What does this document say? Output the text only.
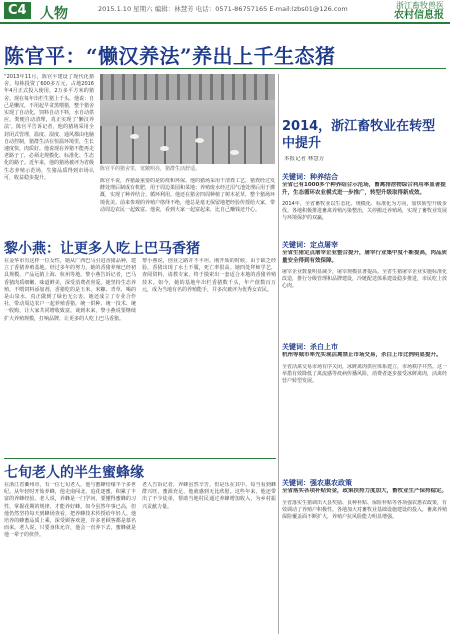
C4 人物	2015.1.10 星期六 编辑：林慧芳 电话：0571-86757165 E-mail:lzbs01@126.com	浙江畜牧兽医
农村信息报
陈官平：“懒汉养法”养出上千生态猪
“2013年11月，陈官平建设了现代化猪舍，每栋投资了600多万元，占地2016年4月正式投入使用，2万多平方米的猪舍。现在每年出栏生猪上千头。他说：自己是懒汉，不用起早贪黑喂猪，整个猪舍实现了自动化，饲料自动下料，水自动供应，粪便自动清理，真正实现了‘懒汉养法’。陈官平告诉记者，他的猪场采用全封闭式管理，温度、湿度、通风都由电脑自动控制，猪群生活在恒温环境里，生长速度快，肉质好。他说现在养猪不能再走老路子了，必须走规模化、标准化、生态化的路子。近年来，他的猪场被评为省级生态养殖示范场，生猪品质得到市场认可，收益稳步提升。
陈官平的猪舍里，宽敞明亮，猪群生活舒适。
陈官平说，养猪最重要的是防疫和环保。他的猪场采用干清粪工艺，猪粪经过发酵处理后制成有机肥，用于周边果园和菜地；养殖废水经过沼气池处理后用于灌溉，实现了种养结合、循环利用。他还在猪舍四周种植了树木花草，整个猪场环境优美。前来参观的养殖户络绎不绝，他总是毫无保留地把经验传授给大家，带动周边农民一起致富。他说，看到大家一起富起来，比自己赚钱还开心。
2014，浙江畜牧业在转型中提升
本报记者 林慧芳
关键词：种养结合
全省已有1000多个种养结合示范场，畜禽排泄物综合利用率显著提升，生态循环农业模式进一步推广，转型升级取得新成效。
2014年，全省畜牧业以生态化、规模化、标准化为方向，加快转型升级步伐。各地积极推进畜禽养殖污染整治，关停搬迁养殖场，实现了畜牧业发展与环境保护的双赢。
关键词：定点屠宰
全省生猪定点屠宰企业整合提升，屠宰行业集中度不断提高，肉品质量安全得到有效保障。
屠宰企业数量明显减少，屠宰规模显著提高。全省生猪屠宰企业实施标准化改造，推行分级管理和品牌建设，冷链配送体系建设稳步推进，市民吃上放心肉。
关键词：杀白上市
杭州等城市率先实现活禽禁止市场交易，杀白上市比例明显提升。
全省活禽交易市场有序关闭，冰鲜禽肉供应体系建立，市场秩序井然。这一举措有效降低了禽流感等疫病传播风险，消费者逐步接受冰鲜禽肉，活禽经营户转型发展。
关键词：强农惠农政策
全省落实各项补贴资金，政策扶持力度加大，畜牧业生产保持稳定。
全省落实生猪调出大县奖励、良种补贴、保险补贴等各项强农惠农政策，有效调动了养殖户积极性。各地加大对畜牧业基础设施建设的投入，畜禽养殖保险覆盖面不断扩大，养殖户抗风险能力明显增强。
黎小燕：让更多人吃上巴马香猪
在金华市有这样一位女性，她从广西巴马引进香猪品种，建立了香猪养殖基地。经过多年的努力，她的香猪养殖已经初具规模，产品远销上海、杭州等地。黎小燕告诉记者，巴马香猪肉质细嫩、味道鲜美，深受消费者喜爱。她坚持生态养殖，不喂饲料添加剂，香猪吃的是玉米、米糠、青草，喝的是山泉水，真正做到了绿色无公害。她还成立了专业合作社，带动周边农户一起养殖香猪，统一供种、统一技术、统一收购，让大家共同增收致富。谈到未来，黎小燕说要继续扩大养殖规模，打响品牌，让更多的人吃上巴马香猪。
黎小燕说，创业之路并不平坦。刚开始的时候，由于缺乏经验，香猪出现了水土不服，死亡率很高。她四处拜师学艺，查阅资料，请教专家，终于摸索出一套适合本地的香猪养殖技术。如今，她的基地年出栏香猪数千头，年产值数百万元，成为当地有名的养殖能手，并多次被评为优秀女农民。
七旬老人的半生蜜蜂缘
在浙江省衢州市，有一位七旬老人，他与蜜蜂结缘半个多世纪。从年轻时开始养蜂，他走南闯北，追花逐蜜，积累了丰富的养蜂经验。老人说，养蜂是一门学问，要懂得蜜蜂的习性，掌握花期的规律，才能养好蜂。如今虽然年事已高，但他仍然坚持每天到蜂场查看，把养蜂技术传授给年轻人。他培养的蜂蜜品质上乘，深受顾客欢迎，许多老顾客都是慕名而来。老人说，只要身体允许，他会一直养下去，蜜蜂就是他一辈子的伙伴。
老人告诉记者，养蜂虽然辛苦，但是乐在其中。每当看到蜂群兴旺、蜜源充足，他就感到无比欣慰。这些年来，他还带出了不少徒弟，帮助当地村民通过养蜂增加收入，为乡村振兴贡献力量。
